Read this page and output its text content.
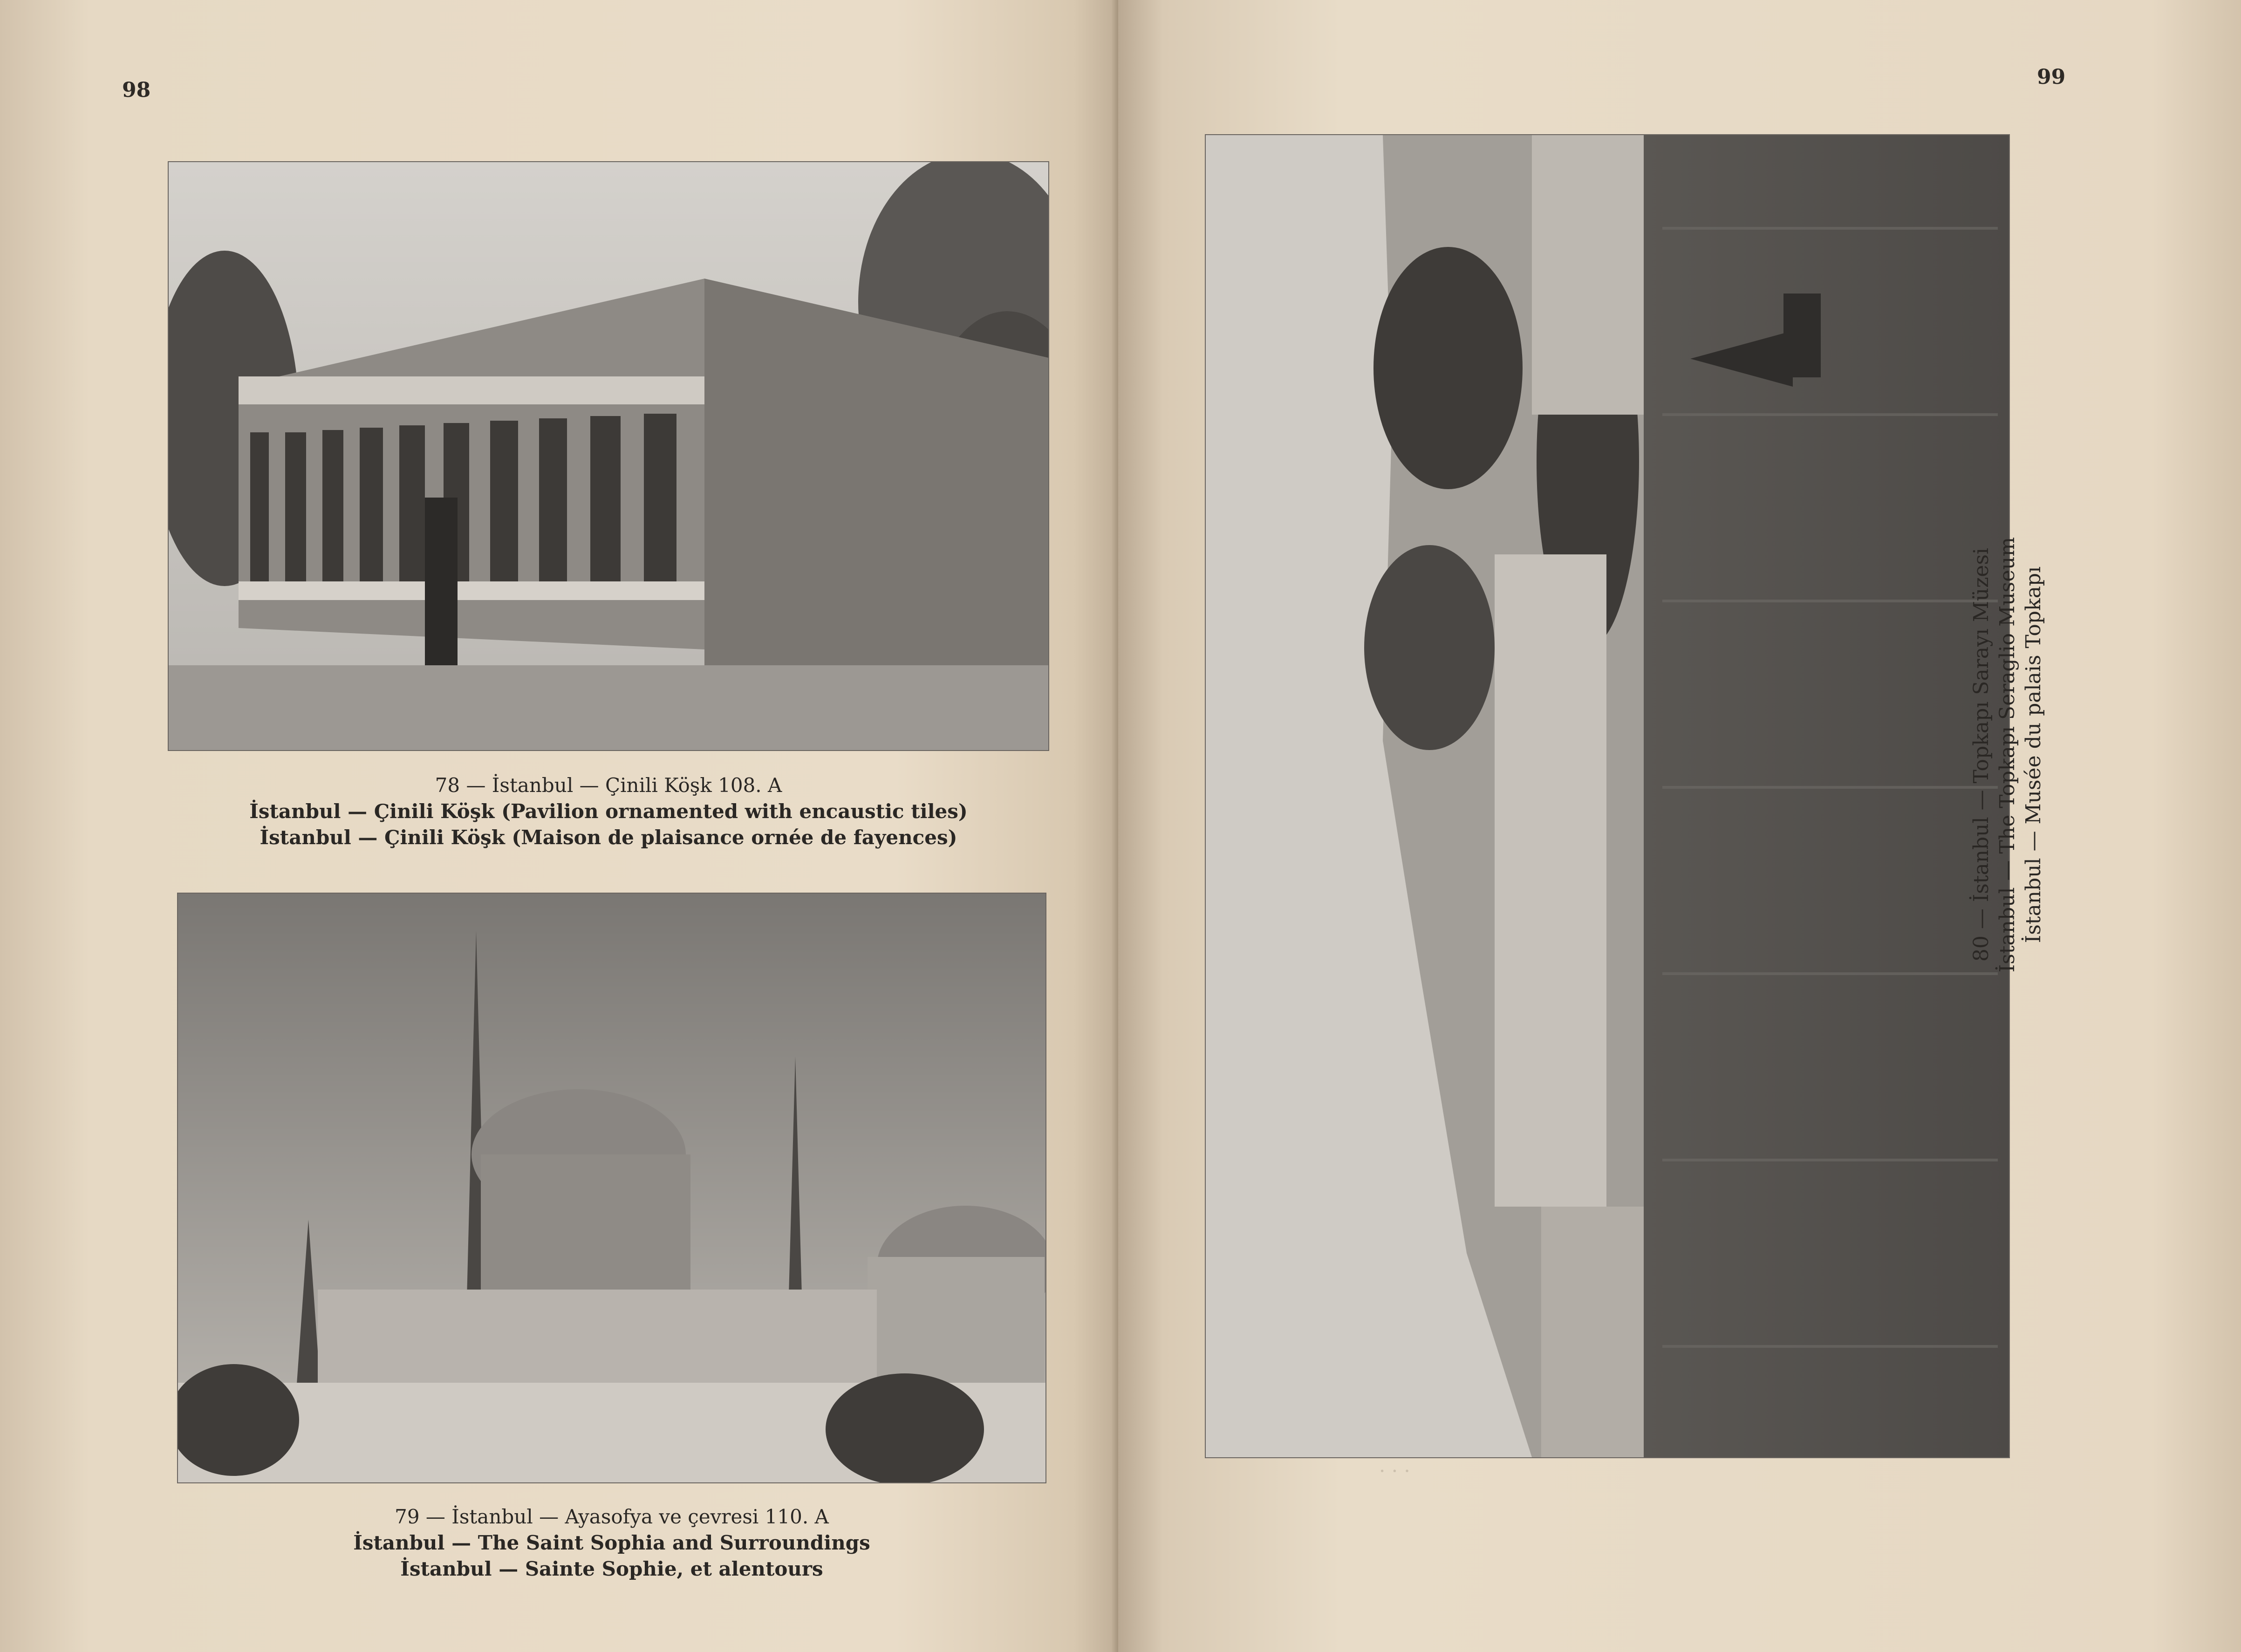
98
78 — İstanbul — Çinili Köşk 108. A
İstanbul — Çinili Köşk (Pavilion ornamented with encaustic tiles)
İstanbul — Çinili Köşk (Maison de plaisance ornée de fayences)
79 — İstanbul — Ayasofya ve çevresi 110. A
İstanbul — The Saint Sophia and Surroundings
İstanbul — Sainte Sophie, et alentours
99
· · ·
80 — İstanbul — Topkapı Sarayı Müzesi İstanbul — The Topkapı Seraglio Museum İstanbul — Musée du palais Topkapı
